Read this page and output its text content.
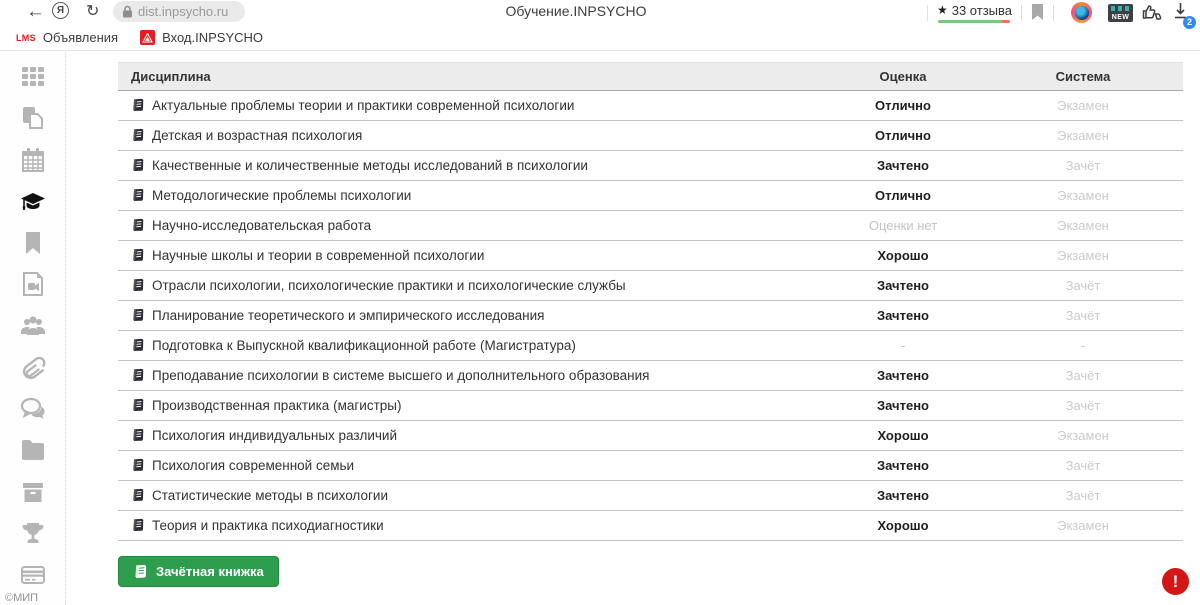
←	Я	↻	dist.inpsycho.ru	Обучение.INPSYCHO	★ 33 отзыва	NEW	2
LMS Объявления	Вход.INPSYCHO
©МИП
Дисциплина	Оценка	Система
Актуальные проблемы теории и практики современной психологии	Отлично	Экзамен
Детская и возрастная психология	Отлично	Экзамен
Качественные и количественные методы исследований в психологии	Зачтено	Зачёт
Методологические проблемы психологии	Отлично	Экзамен
Научно-исследовательская работа	Оценки нет	Экзамен
Научные школы и теории в современной психологии	Хорошо	Экзамен
Отрасли психологии, психологические практики и психологические службы	Зачтено	Зачёт
Планирование теоретического и эмпирического исследования	Зачтено	Зачёт
Подготовка к Выпускной квалификационной работе (Магистратура)	-	-
Преподавание психологии в системе высшего и дополнительного образования	Зачтено	Зачёт
Производственная практика (магистры)	Зачтено	Зачёт
Психология индивидуальных различий	Хорошо	Экзамен
Психология современной семьи	Зачтено	Зачёт
Статистические методы в психологии	Зачтено	Зачёт
Теория и практика психодиагностики	Хорошо	Экзамен
Зачётная книжка	!
